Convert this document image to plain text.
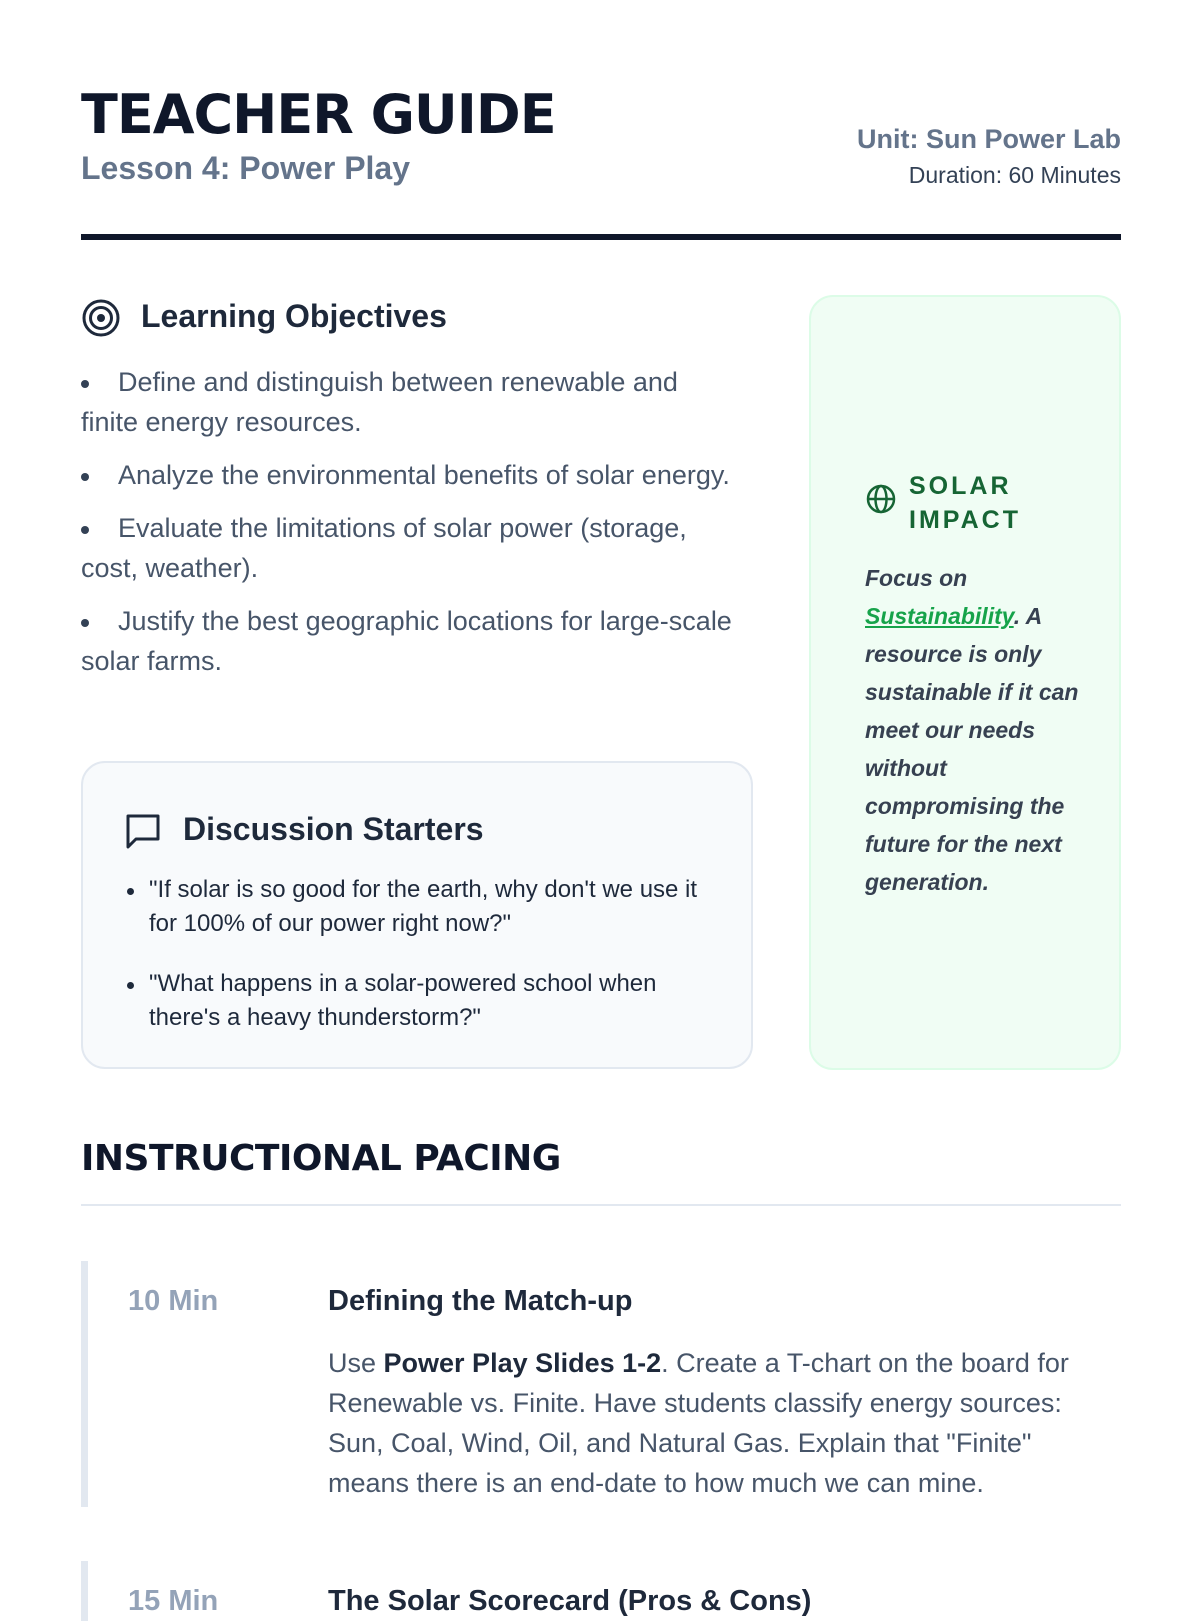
TEACHER GUIDE
Lesson 4: Power Play
Unit: Sun Power Lab
Duration: 60 Minutes
Learning Objectives
Define and distinguish between renewable and finite energy resources.
Analyze the environmental benefits of solar energy.
Evaluate the limitations of solar power (storage, cost, weather).
Justify the best geographic locations for large-scale solar farms.
Discussion Starters
"If solar is so good for the earth, why don't we use it for 100% of our power right now?"
"What happens in a solar-powered school when there's a heavy thunderstorm?"
SOLAR
IMPACT
Focus on Sustainability. A resource is only sustainable if it can meet our needs without compromising the future for the next generation.
INSTRUCTIONAL PACING
10 Min	Defining the Match-up
Use Power Play Slides 1-2. Create a T-chart on the board for Renewable vs. Finite. Have students classify energy sources: Sun, Coal, Wind, Oil, and Natural Gas. Explain that "Finite" means there is an end-date to how much we can mine.
15 Min	The Solar Scorecard (Pros & Cons)
